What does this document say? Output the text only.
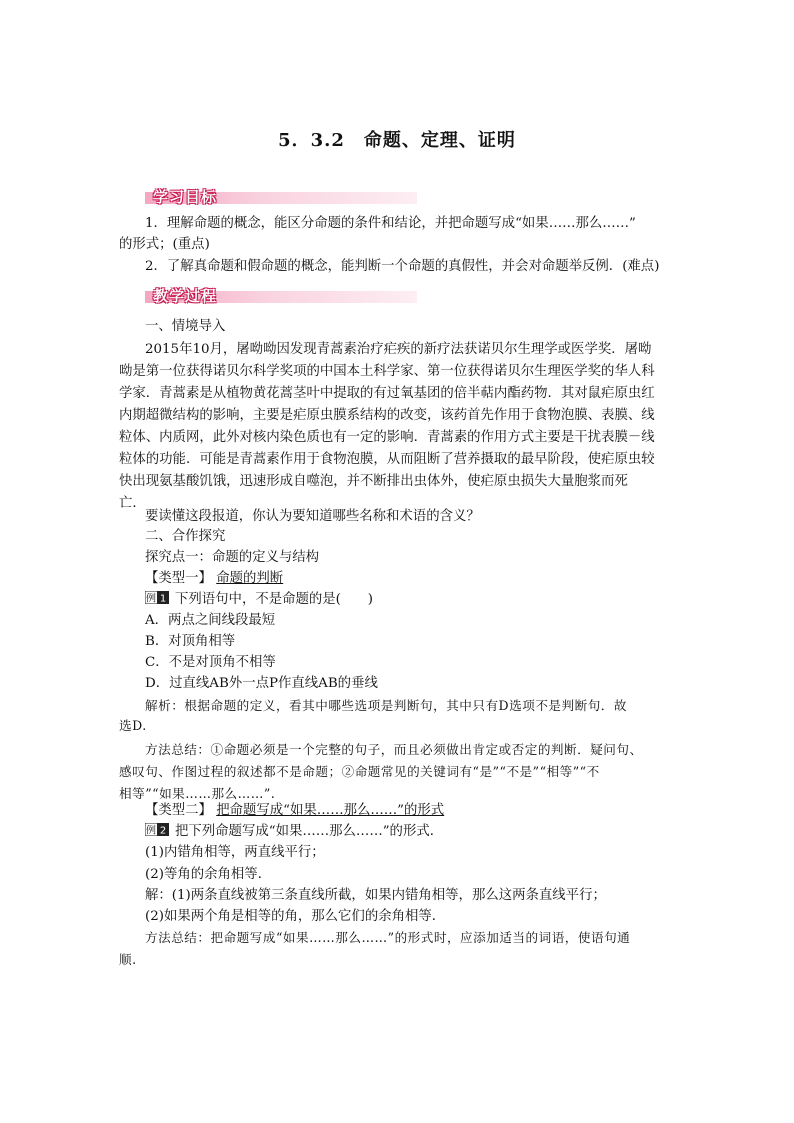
5．3.2　命题、定理、证明
学习目标
1．理解命题的概念，能区分命题的条件和结论，并把命题写成“如果……那么……”
的形式；(重点)
2．了解真命题和假命题的概念，能判断一个命题的真假性，并会对命题举反例．(难点)
教学过程
一、情境导入
2015年10月，屠呦呦因发现青蒿素治疗疟疾的新疗法获诺贝尔生理学或医学奖．屠呦
呦是第一位获得诺贝尔科学奖项的中国本土科学家、第一位获得诺贝尔生理医学奖的华人科
学家．青蒿素是从植物黄花蒿茎叶中提取的有过氧基团的倍半萜内酯药物．其对鼠疟原虫红
内期超微结构的影响，主要是疟原虫膜系结构的改变，该药首先作用于食物泡膜、表膜、线
粒体、内质网，此外对核内染色质也有一定的影响．青蒿素的作用方式主要是干扰表膜－线
粒体的功能．可能是青蒿素作用于食物泡膜，从而阻断了营养摄取的最早阶段，使疟原虫较
快出现氨基酸饥饿，迅速形成自噬泡，并不断排出虫体外，使疟原虫损失大量胞浆而死
亡．
要读懂这段报道，你认为要知道哪些名称和术语的含义？
二、合作探究
探究点一：命题的定义与结构
【类型一】 命题的判断
例 1 下列语句中，不是命题的是(　　)
A．两点之间线段最短
B．对顶角相等
C．不是对顶角不相等
D．过直线AB外一点P作直线AB的垂线
解析：根据命题的定义，看其中哪些选项是判断句，其中只有D选项不是判断句．故
选D.
方法总结：①命题必须是一个完整的句子，而且必须做出肯定或否定的判断．疑问句、
感叹句、作图过程的叙述都不是命题；②命题常见的关键词有“是”“不是”“相等”“不
相等”“如果……那么……”.
【类型二】 把命题写成“如果……那么……”的形式
例 2 把下列命题写成“如果……那么……”的形式．
(1)内错角相等，两直线平行；
(2)等角的余角相等．
解：(1)两条直线被第三条直线所截，如果内错角相等，那么这两条直线平行；
(2)如果两个角是相等的角，那么它们的余角相等．
方法总结：把命题写成“如果……那么……”的形式时，应添加适当的词语，使语句通
顺.
